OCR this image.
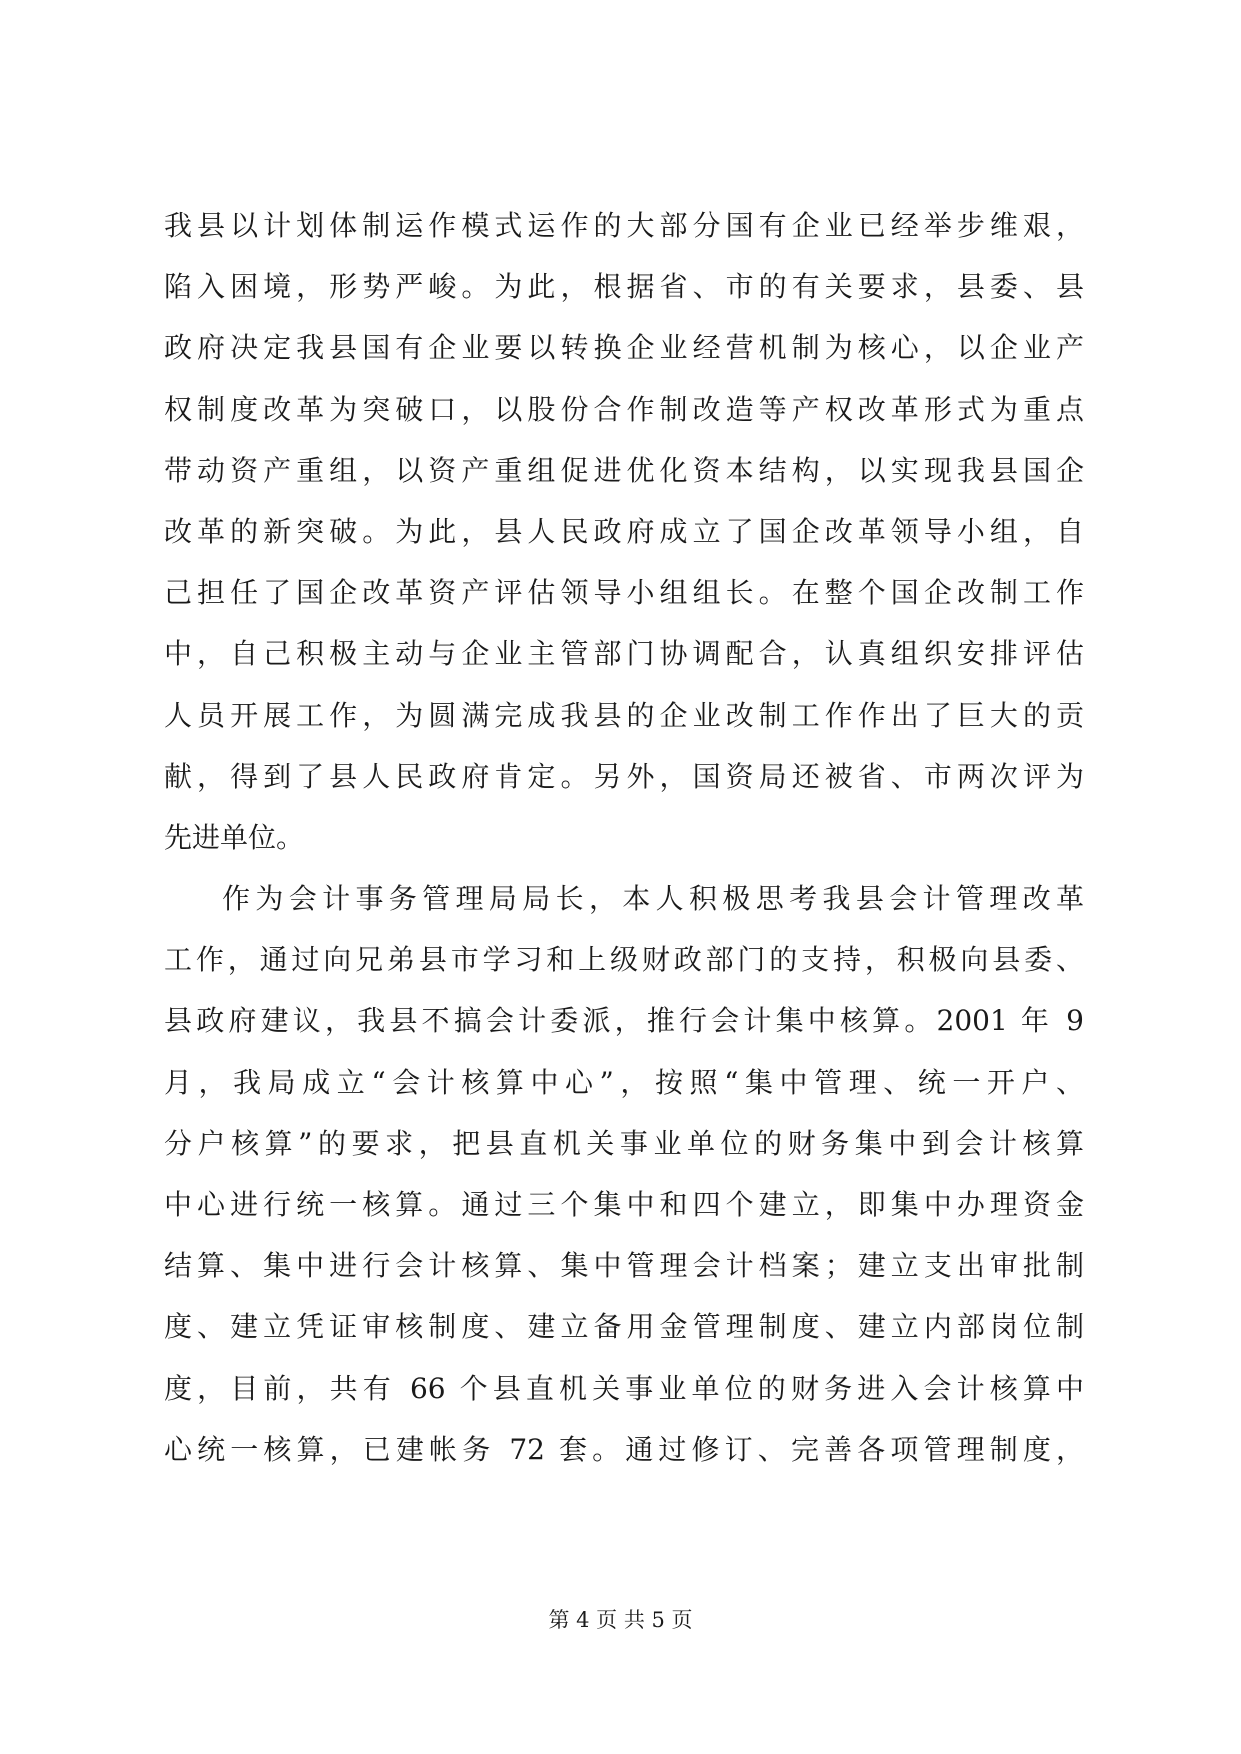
我县以计划体制运作模式运作的大部分国有企业已经举步维艰，
陷入困境，形势严峻。为此，根据省、市的有关要求，县委、县
政府决定我县国有企业要以转换企业经营机制为核心，以企业产
权制度改革为突破口，以股份合作制改造等产权改革形式为重点
带动资产重组，以资产重组促进优化资本结构，以实现我县国企
改革的新突破。为此，县人民政府成立了国企改革领导小组，自
己担任了国企改革资产评估领导小组组长。在整个国企改制工作
中，自己积极主动与企业主管部门协调配合，认真组织安排评估
人员开展工作，为圆满完成我县的企业改制工作作出了巨大的贡
献，得到了县人民政府肯定。另外，国资局还被省、市两次评为
先进单位。
作为会计事务管理局局长，本人积极思考我县会计管理改革
工作，通过向兄弟县市学习和上级财政部门的支持，积极向县委、
县政府建议，我县不搞会计委派，推行会计集中核算。2001 年 9
月，我局成立“会计核算中心”，按照“集中管理、统一开户、
分户核算”的要求，把县直机关事业单位的财务集中到会计核算
中心进行统一核算。通过三个集中和四个建立，即集中办理资金
结算、集中进行会计核算、集中管理会计档案；建立支出审批制
度、建立凭证审核制度、建立备用金管理制度、建立内部岗位制
度，目前，共有 66 个县直机关事业单位的财务进入会计核算中
心统一核算，已建帐务 72 套。通过修订、完善各项管理制度，
第 4 页 共 5 页
